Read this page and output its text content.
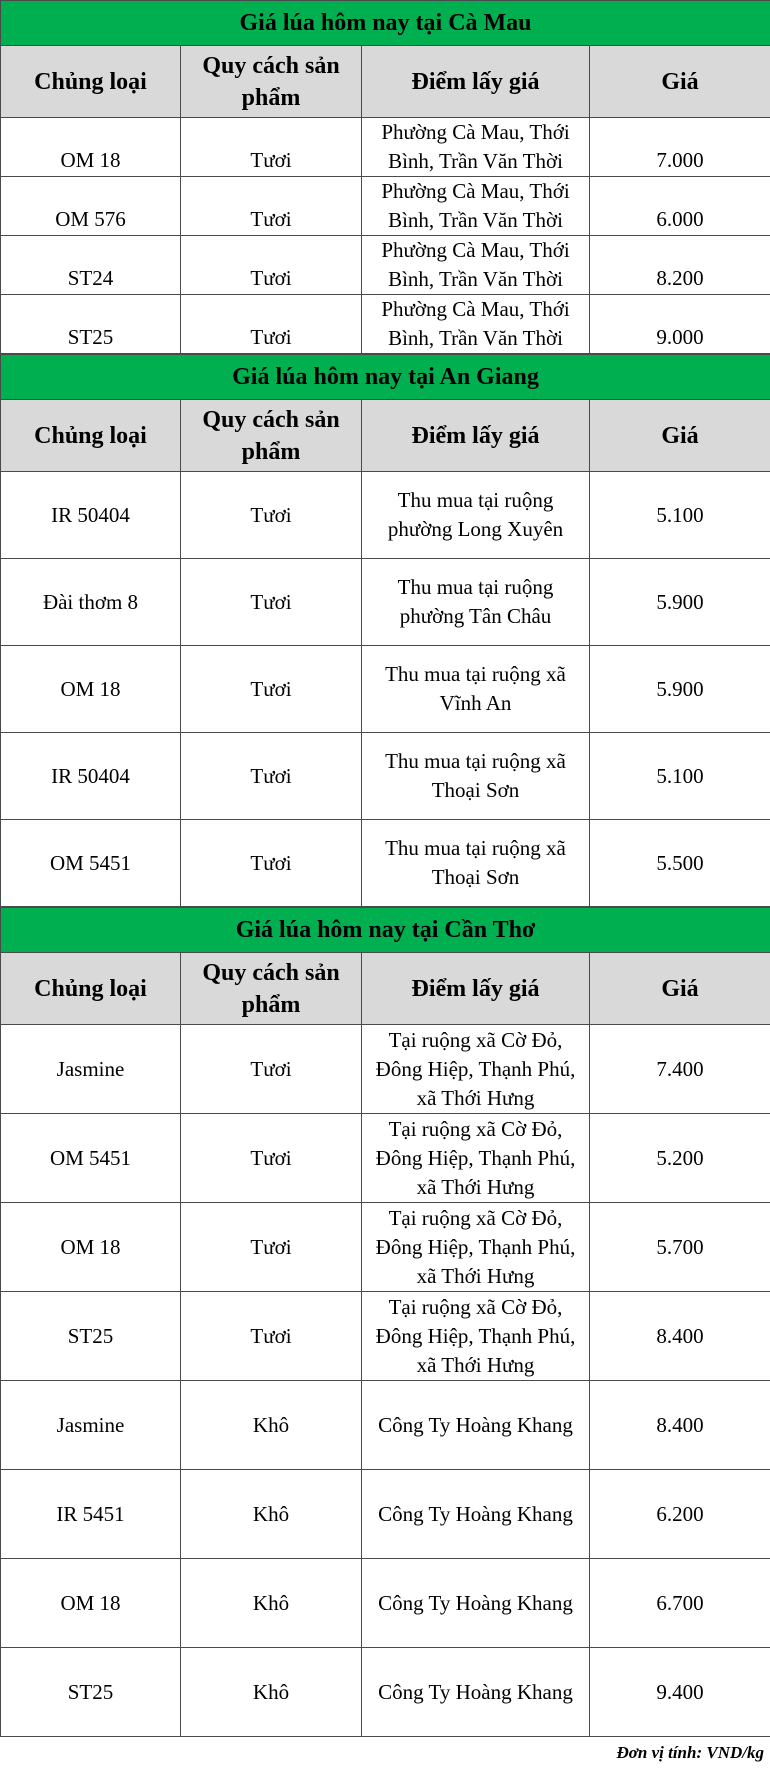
Giá lúa hôm nay tại Cà Mau			
Chủng loại	Quy cách sản phẩm	Điểm lấy giá	Giá
OM 18	Tươi	Phường Cà Mau, Thới Bình, Trần Văn Thời	7.000
OM 576	Tươi	Phường Cà Mau, Thới Bình, Trần Văn Thời	6.000
ST24	Tươi	Phường Cà Mau, Thới Bình, Trần Văn Thời	8.200
ST25	Tươi	Phường Cà Mau, Thới Bình, Trần Văn Thời	9.000
Giá lúa hôm nay tại An Giang			
Chủng loại	Quy cách sản phẩm	Điểm lấy giá	Giá
IR 50404	Tươi	Thu mua tại ruộng phường Long Xuyên	5.100
Đài thơm 8	Tươi	Thu mua tại ruộng phường Tân Châu	5.900
OM 18	Tươi	Thu mua tại ruộng xã Vĩnh An	5.900
IR 50404	Tươi	Thu mua tại ruộng xã Thoại Sơn	5.100
OM 5451	Tươi	Thu mua tại ruộng xã Thoại Sơn	5.500
Giá lúa hôm nay tại Cần Thơ			
Chủng loại	Quy cách sản phẩm	Điểm lấy giá	Giá
Jasmine	Tươi	Tại ruộng xã Cờ Đỏ, Đông Hiệp, Thạnh Phú, xã Thới Hưng	7.400
OM 5451	Tươi	Tại ruộng xã Cờ Đỏ, Đông Hiệp, Thạnh Phú, xã Thới Hưng	5.200
OM 18	Tươi	Tại ruộng xã Cờ Đỏ, Đông Hiệp, Thạnh Phú, xã Thới Hưng	5.700
ST25	Tươi	Tại ruộng xã Cờ Đỏ, Đông Hiệp, Thạnh Phú, xã Thới Hưng	8.400
Jasmine	Khô	Công Ty Hoàng Khang	8.400
IR 5451	Khô	Công Ty Hoàng Khang	6.200
OM 18	Khô	Công Ty Hoàng Khang	6.700
ST25	Khô	Công Ty Hoàng Khang	9.400
Đơn vị tính: VND/kg
